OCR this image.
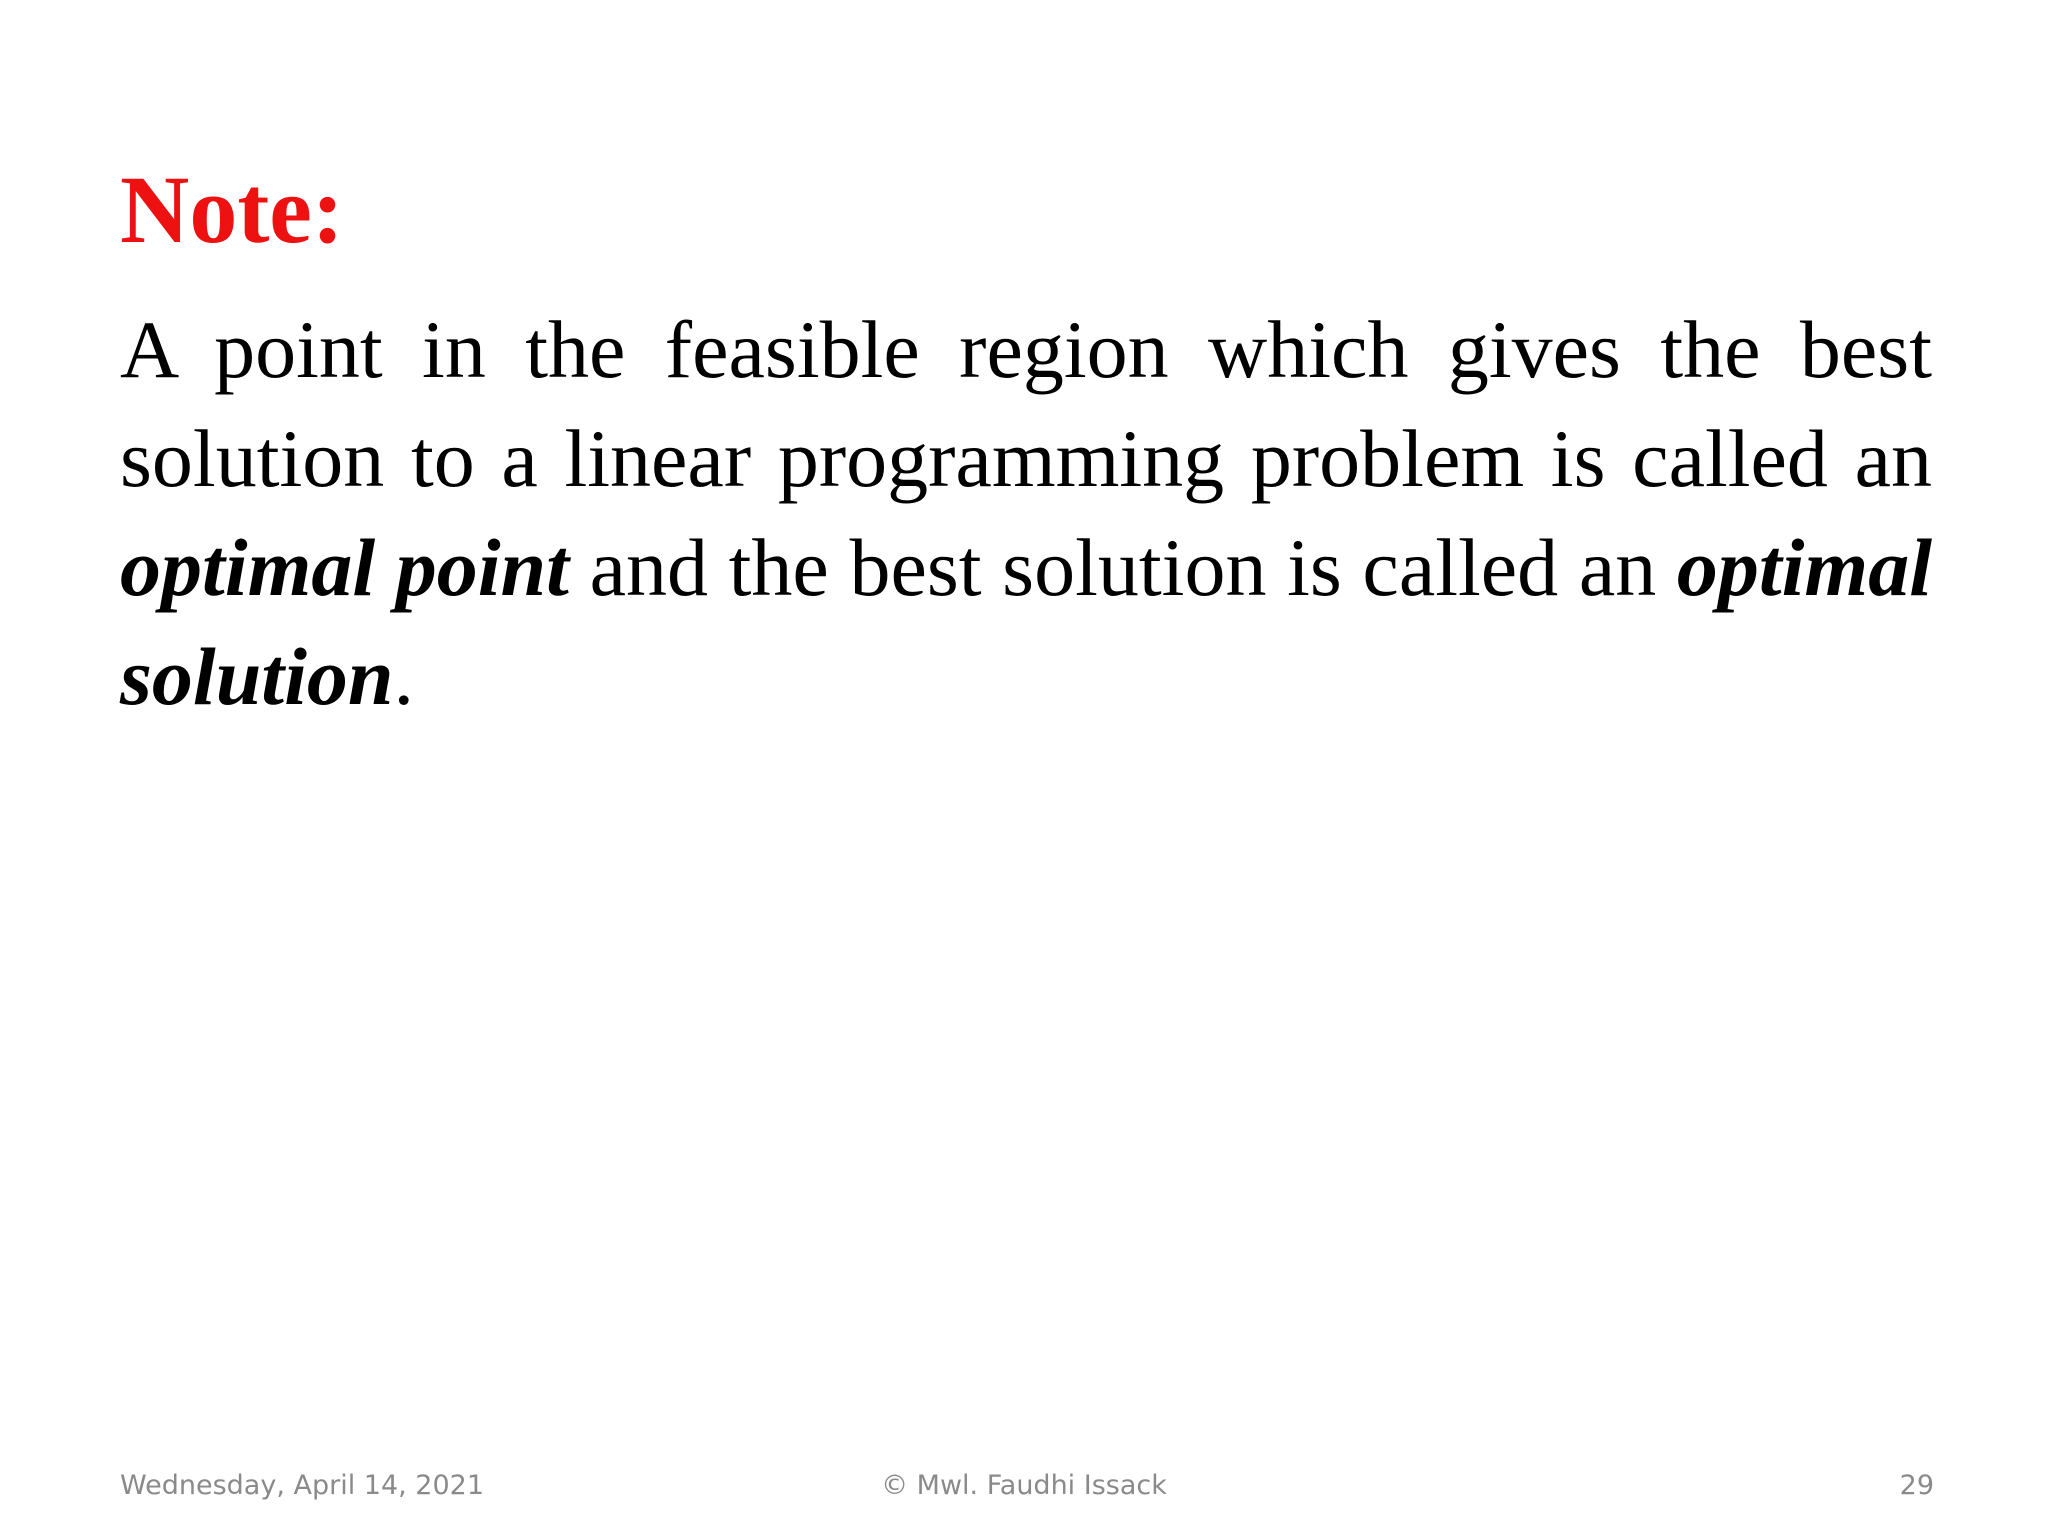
Note:

A point in the feasible region which gives the best solution to a linear programming problem is called an optimal point and the best solution is called an optimal solution.

Wednesday, April 14, 2021	© Mwl. Faudhi Issack	29
